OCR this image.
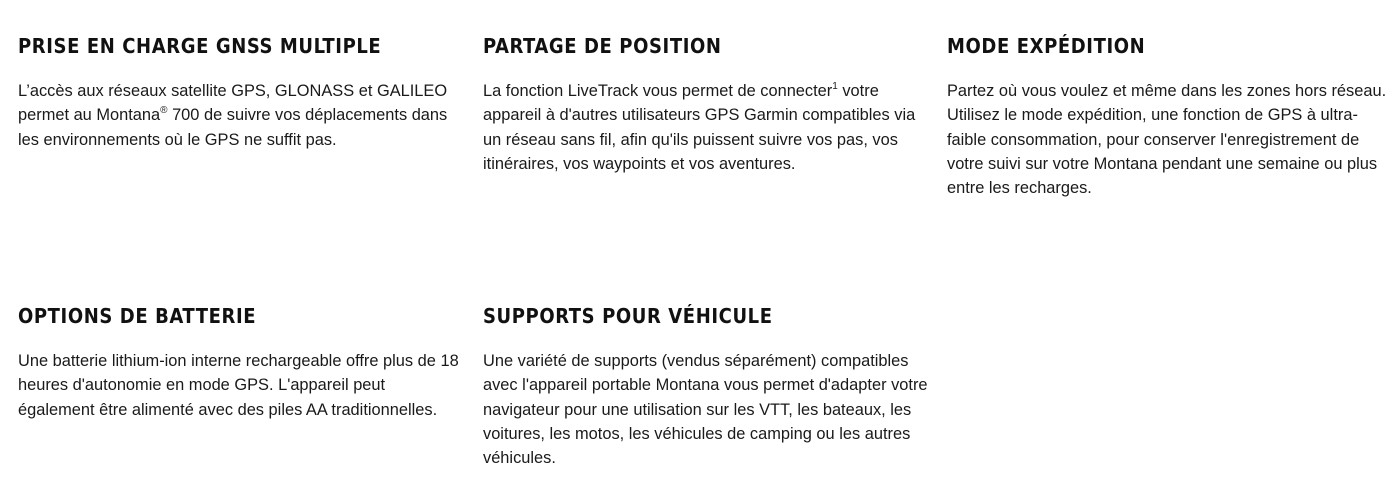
PRISE EN CHARGE GNSS MULTIPLE

L’accès aux réseaux satellite GPS, GLONASS et GALILEO permet au Montana® 700 de suivre vos déplacements dans les environnements où le GPS ne suffit pas.

PARTAGE DE POSITION

La fonction LiveTrack vous permet de connecter$^1$ votre appareil à d'autres utilisateurs GPS Garmin compatibles via un réseau sans fil, afin qu'ils puissent suivre vos pas, vos itinéraires, vos waypoints et vos aventures.

MODE EXPÉDITION

Partez où vous voulez et même dans les zones hors réseau. Utilisez le mode expédition, une fonction de GPS à ultra-faible consommation, pour conserver l'enregistrement de votre suivi sur votre Montana pendant une semaine ou plus entre les recharges.

OPTIONS DE BATTERIE

Une batterie lithium-ion interne rechargeable offre plus de 18 heures d'autonomie en mode GPS. L'appareil peut également être alimenté avec des piles AA traditionnelles.

SUPPORTS POUR VÉHICULE

Une variété de supports (vendus séparément) compatibles avec l'appareil portable Montana vous permet d'adapter votre navigateur pour une utilisation sur les VTT, les bateaux, les voitures, les motos, les véhicules de camping ou les autres véhicules.
